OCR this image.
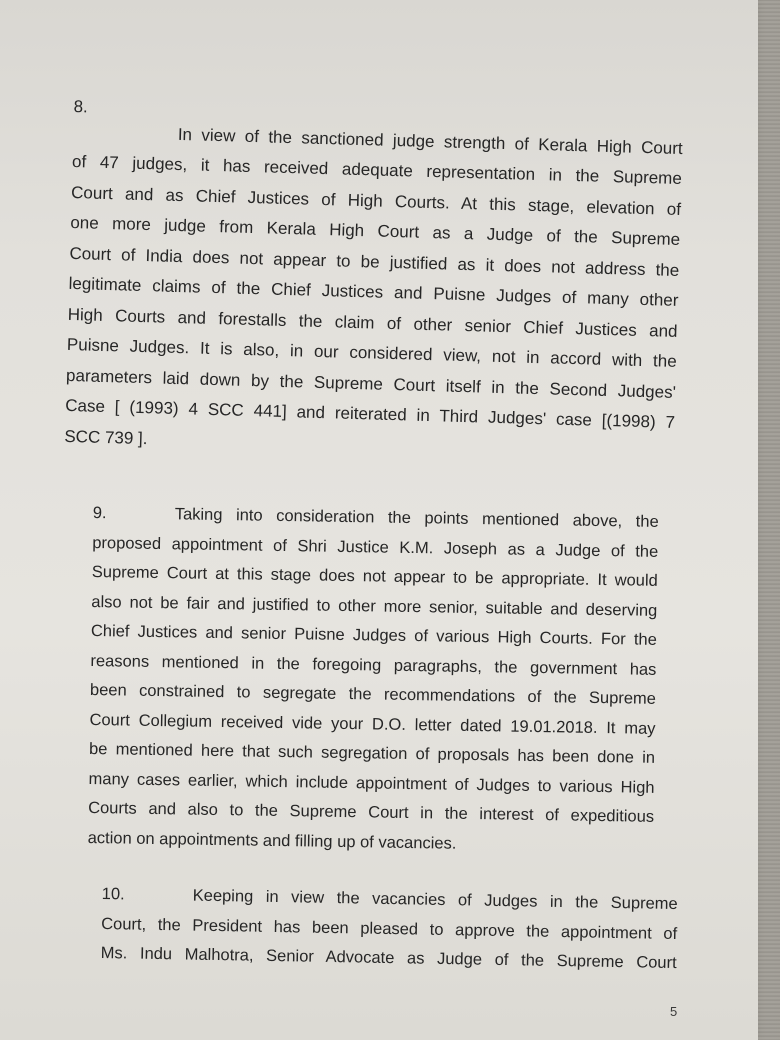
8.
In view of the sanctioned judge strength of Kerala High Court
of 47 judges, it has received adequate representation in the Supreme
Court and as Chief Justices of High Courts. At this stage, elevation of
one more judge from Kerala High Court as a Judge of the Supreme
Court of India does not appear to be justified as it does not address the
legitimate claims of the Chief Justices and Puisne Judges of many other
High Courts and forestalls the claim of other senior Chief Justices and
Puisne Judges. It is also, in our considered view, not in accord with the
parameters laid down by the Supreme Court itself in the Second Judges'
Case [ (1993) 4 SCC 441] and reiterated in Third Judges' case [(1998) 7
SCC 739 ].
9.	Taking into consideration the points mentioned above, the
proposed appointment of Shri Justice K.M. Joseph as a Judge of the
Supreme Court at this stage does not appear to be appropriate. It would
also not be fair and justified to other more senior, suitable and deserving
Chief Justices and senior Puisne Judges of various High Courts. For the
reasons mentioned in the foregoing paragraphs, the government has
been constrained to segregate the recommendations of the Supreme
Court Collegium received vide your D.O. letter dated 19.01.2018. It may
be mentioned here that such segregation of proposals has been done in
many cases earlier, which include appointment of Judges to various High
Courts and also to the Supreme Court in the interest of expeditious
action on appointments and filling up of vacancies.
10.	Keeping in view the vacancies of Judges in the Supreme
Court, the President has been pleased to approve the appointment of
Ms. Indu Malhotra, Senior Advocate as Judge of the Supreme Court
5
